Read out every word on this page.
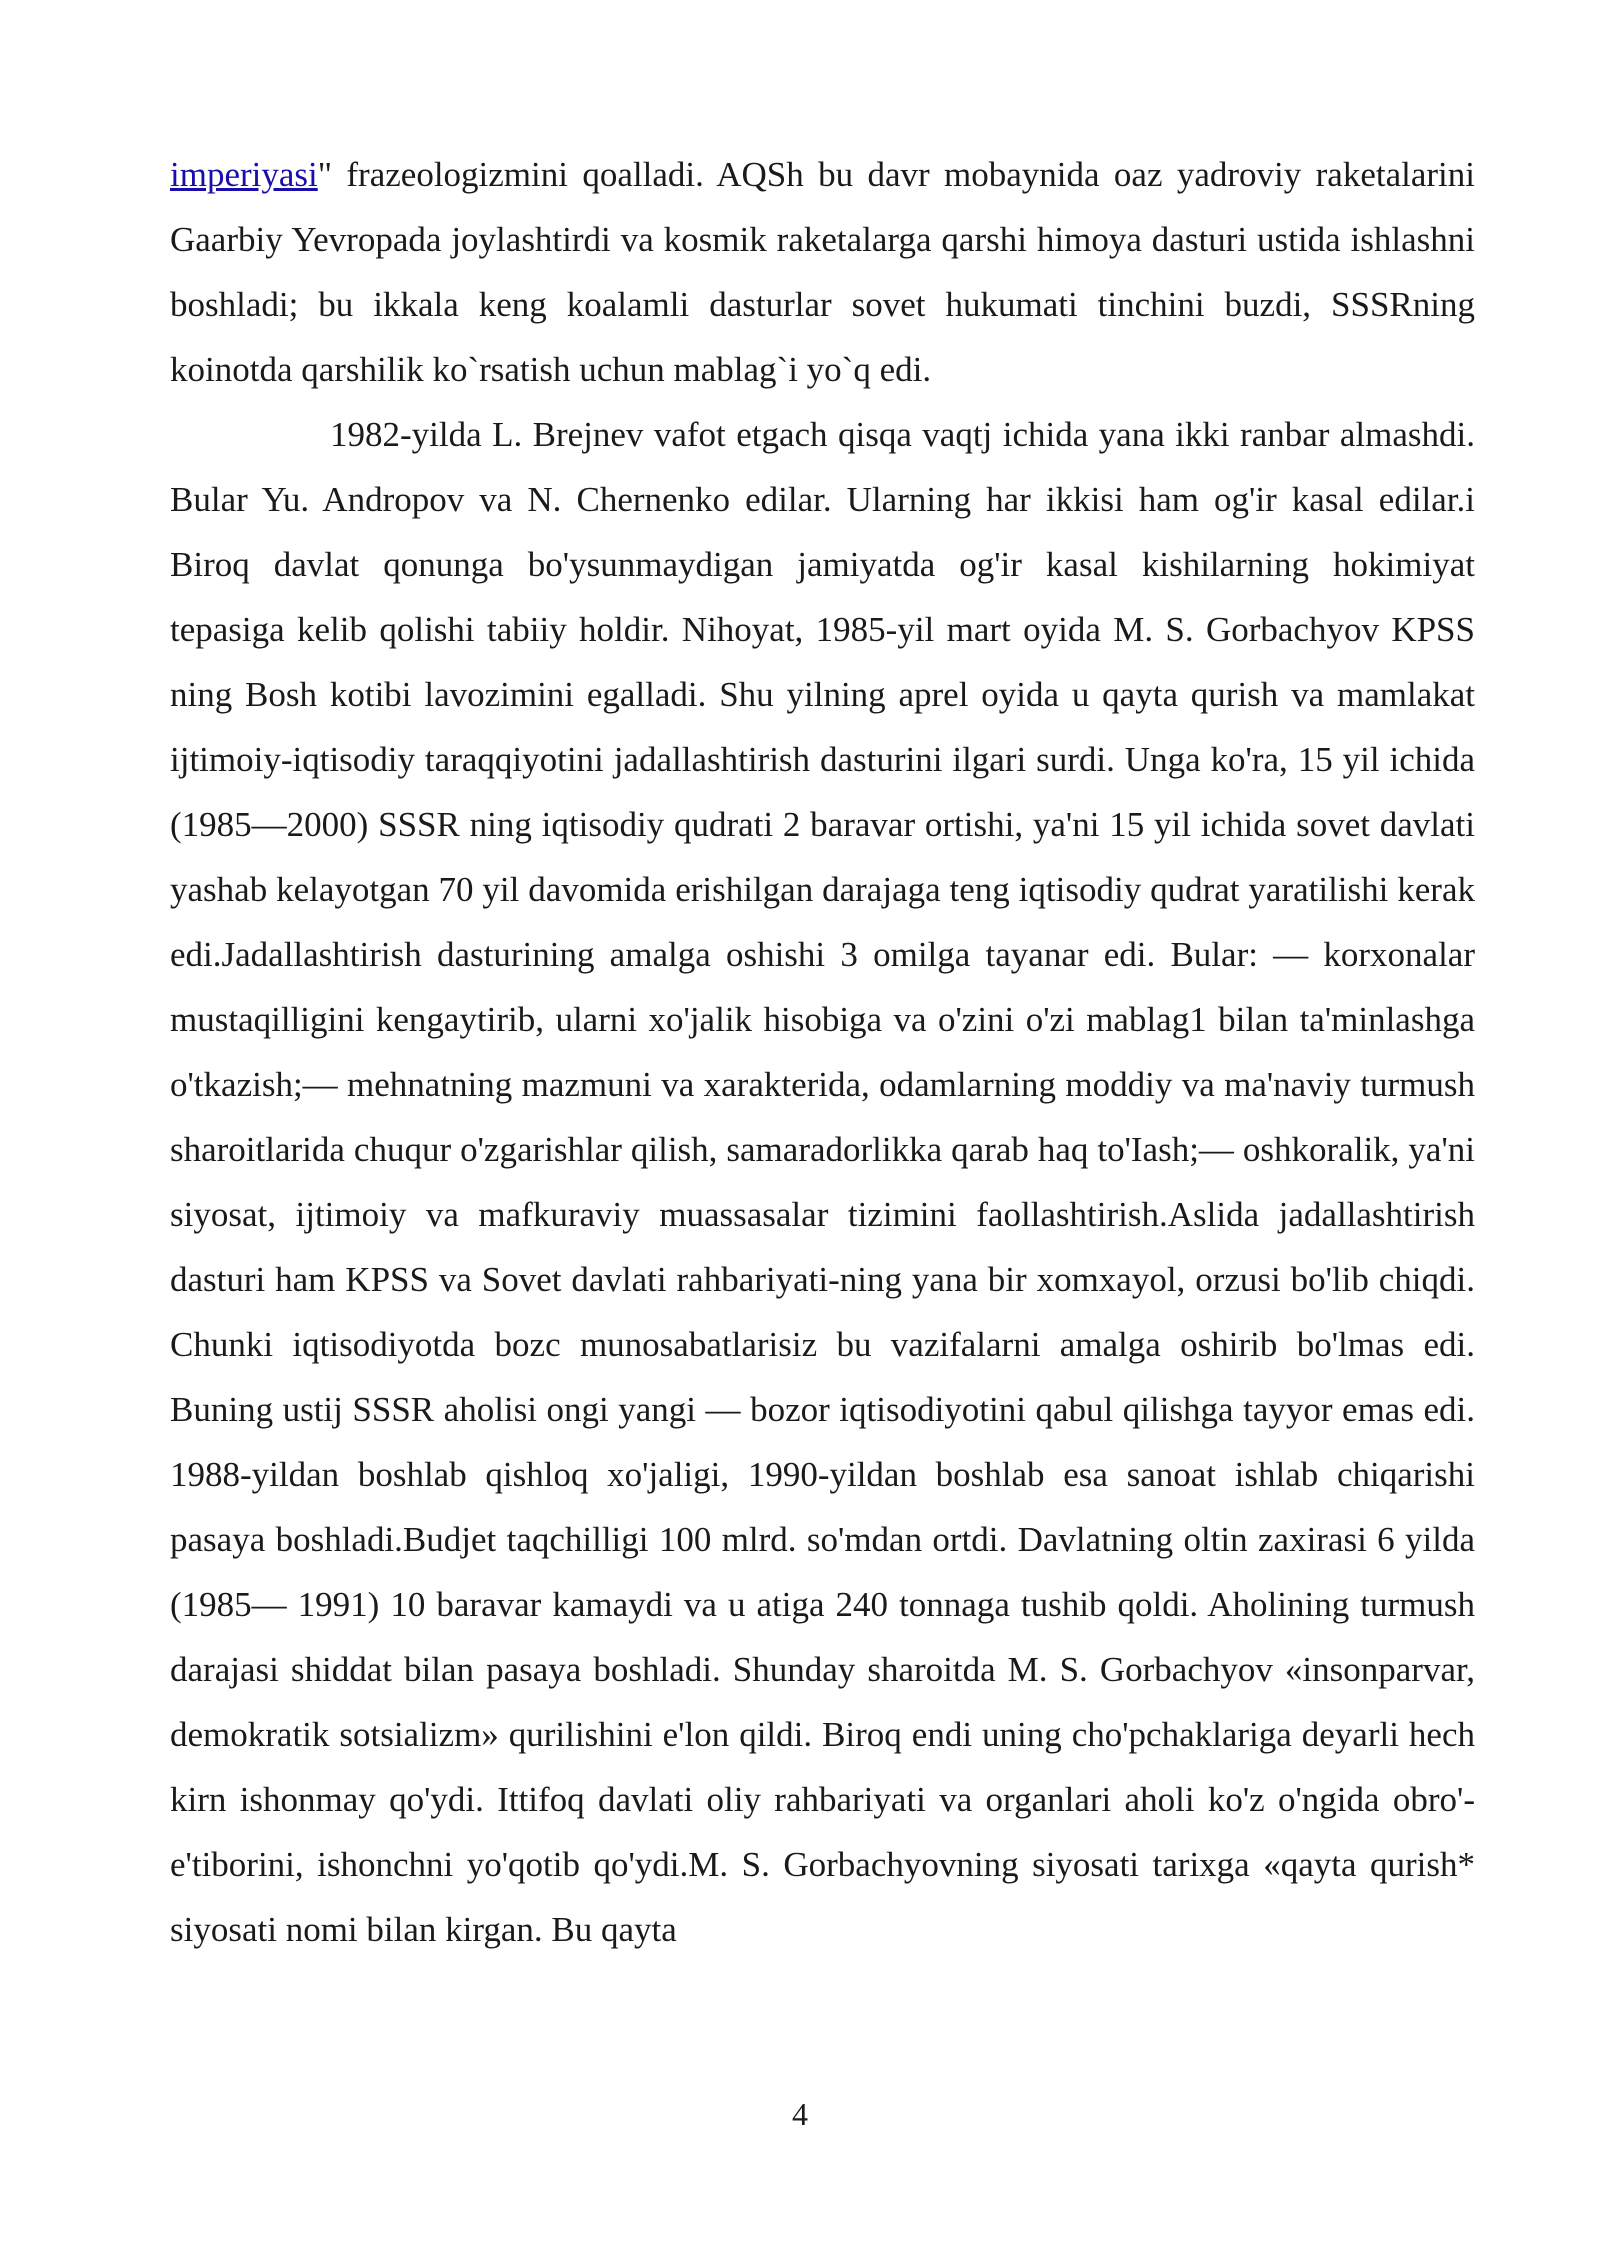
imperiyasi" frazeologizmini qoalladi. AQSh bu davr mobaynida oaz yadroviy raketalarini Gaarbiy Yevropada joylashtirdi va kosmik raketalarga qarshi himoya dasturi ustida ishlashni boshladi; bu ikkala keng koalamli dasturlar sovet hukumati tinchini buzdi, SSSRning koinotda qarshilik ko`rsatish uchun mablag`i yo`q edi.

1982-yilda L. Brejnev vafot etgach qisqa vaqtj ichida yana ikki ranbar almashdi. Bular Yu. Andropov va N. Chernenko edilar. Ularning har ikkisi ham og'ir kasal edilar.i Biroq davlat qonunga bo'ysunmaydigan jamiyatda og'ir kasal kishilarning hokimiyat tepasiga kelib qolishi tabiiy holdir. Nihoyat, 1985-yil mart oyida M. S. Gorbachyov KPSS ning Bosh kotibi lavozimini egalladi. Shu yilning aprel oyida u qayta qurish va mamlakat ijtimoiy-iqtisodiy taraqqiyotini jadallashtirish dasturini ilgari surdi. Unga ko'ra, 15 yil ichida (1985—2000) SSSR ning iqtisodiy qudrati 2 baravar ortishi, ya'ni 15 yil ichida sovet davlati yashab kelayotgan 70 yil davomida erishilgan darajaga teng iqtisodiy qudrat yaratilishi kerak edi.Jadallashtirish dasturining amalga oshishi 3 omilga tayanar edi. Bular: — korxonalar mustaqilligini kengaytirib, ularni xo'jalik hisobiga va o'zini o'zi mablag1 bilan ta'minlashga o'tkazish;— mehnatning mazmuni va xarakterida, odamlarning moddiy va ma'naviy turmush sharoitlarida chuqur o'zgarishlar qilish, samaradorlikka qarab haq to'Iash;— oshkoralik, ya'ni siyosat, ijtimoiy va mafkuraviy muassasalar tizimini faollashtirish.Aslida jadallashtirish dasturi ham KPSS va Sovet davlati rahbariyati-ning yana bir xomxayol, orzusi bo'lib chiqdi. Chunki iqtisodiyotda bozc munosabatlarisiz bu vazifalarni amalga oshirib bo'lmas edi. Buning ustij SSSR aholisi ongi yangi — bozor iqtisodiyotini qabul qilishga tayyor emas edi. 1988-yildan boshlab qishloq xo'jaligi, 1990-yildan boshlab esa sanoat ishlab chiqarishi pasaya boshladi.Budjet taqchilligi 100 mlrd. so'mdan ortdi. Davlatning oltin zaxirasi 6 yilda (1985— 1991) 10 baravar kamaydi va u atiga 240 tonnaga tushib qoldi. Aholining turmush darajasi shiddat bilan pasaya boshladi. Shunday sharoitda M. S. Gorbachyov «insonparvar, demokratik sotsializm» qurilishini e'lon qildi. Biroq endi uning cho'pchaklariga deyarli hech kirn ishonmay qo'ydi. Ittifoq davlati oliy rahbariyati va organlari aholi ko'z o'ngida obro'-e'tiborini, ishonchni yo'qotib qo'ydi.M. S. Gorbachyovning siyosati tarixga «qayta qurish* siyosati nomi bilan kirgan. Bu qayta

4
